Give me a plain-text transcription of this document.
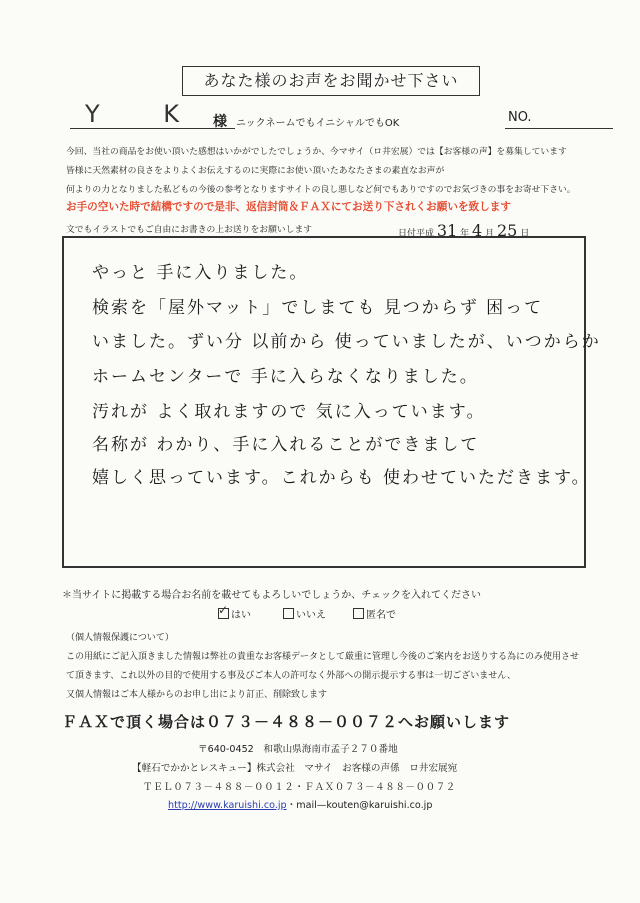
あなた様のお声をお聞かせ下さい
Y K 様 ニックネームでもイニシャルでもOK	NO.
今回、当社の商品をお使い頂いた感想はいかがでしたでしょうか、今マサイ（ロ井宏展）では【お客様の声】を募集しています
皆様に天然素材の良さをよりよくお伝えするのに実際にお使い頂いたあなたさまの素直なお声が
何よりの力となりました私どもの今後の参考となりますサイトの良し悪しなど何でもありですのでお気づきの事をお寄せ下さい。
お手の空いた時で結構ですので是非、返信封筒＆ＦＡＸにてお送り下されくお願いを致します
文でもイラストでもご自由にお書きの上お送りをお願いします	日付平成 31 年 4 月 25 日
やっと 手に入りました。
検索を「屋外マット」でしまても 見つからず 困って
いました。ずい分 以前から 使っていましたが、いつからか
ホームセンターで 手に入らなくなりました。
汚れが よく取れますので 気に入っています。
名称が わかり、手に入れることができまして
嬉しく思っています。これからも 使わせていただきます。
＊当サイトに掲載する場合お名前を載せてもよろしいでしょうか、チェックを入れてください
✓はい	いいえ	匿名で
（個人情報保護について）
この用紙にご記入頂きました情報は弊社の貴重なお客様データとして厳重に管理し今後のご案内をお送りする為にのみ使用させ
て頂きます、これ以外の目的で使用する事及びご本人の許可なく外部への開示提示する事は一切ございません、
又個人情報はご本人様からのお申し出により訂正、削除致します
ＦＡＸで頂く場合は０７３－４８８－００７２へお願いします
〒640-0452　和歌山県海南市孟子２７０番地
【軽石でかかとレスキュー】株式会社　マサイ　お客様の声係　ロ井宏展宛
ＴＥＬ０７３－４８８－００１２・ＦＡＸ０７３－４８８－００７２
http://www.karuishi.co.jp・mail—kouten@karuishi.co.jp
